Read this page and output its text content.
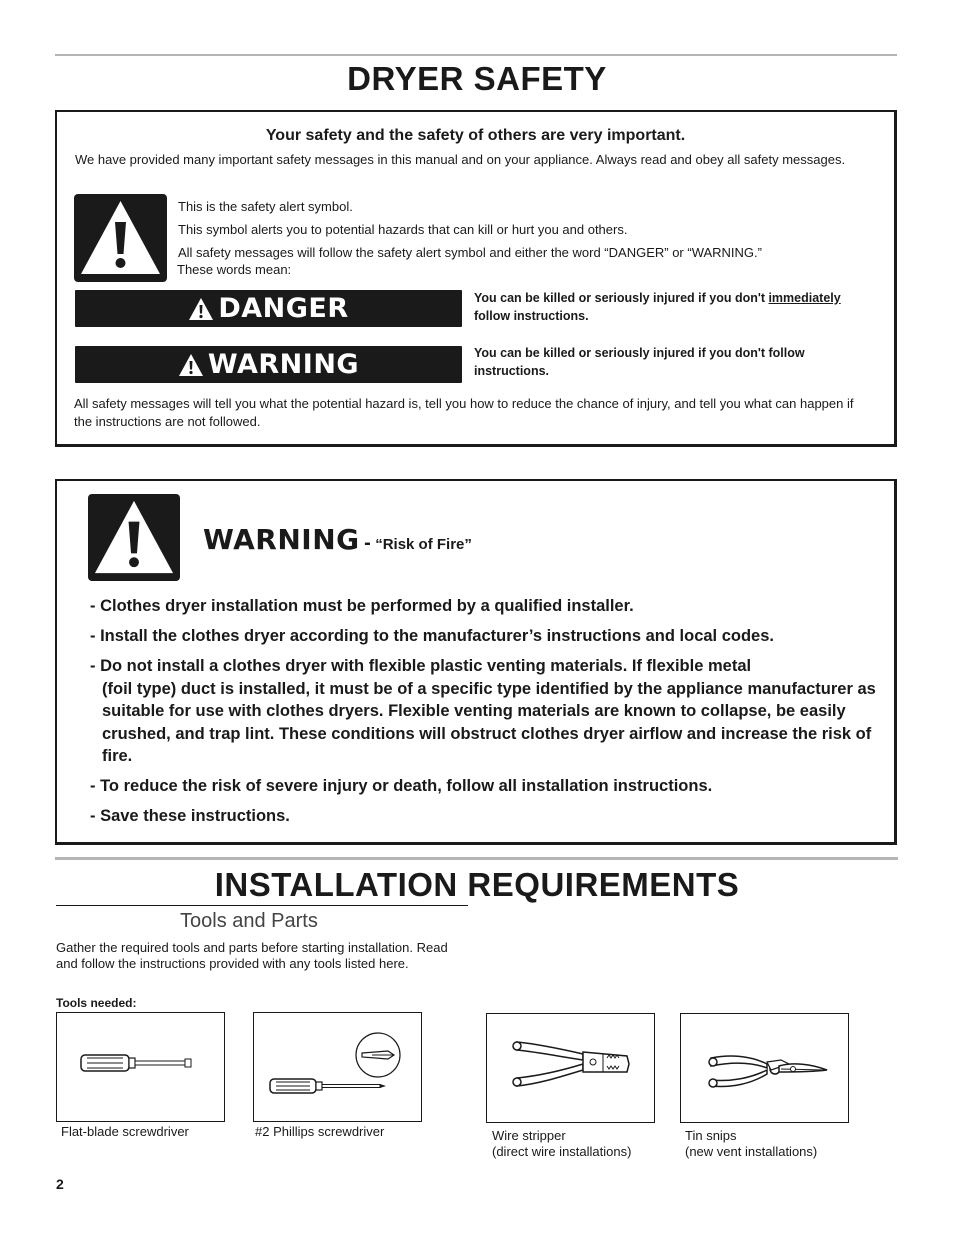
DRYER SAFETY
Your safety and the safety of others are very important.
We have provided many important safety messages in this manual and on your appliance. Always read and obey all safety messages.
This is the safety alert symbol.
This symbol alerts you to potential hazards that can kill or hurt you and others.
All safety messages will follow the safety alert symbol and either the word “DANGER” or “WARNING.”
These words mean:
DANGER	You can be killed or seriously injured if you don't immediately
follow instructions.
WARNING	You can be killed or seriously injured if you don't follow
instructions.
All safety messages will tell you what the potential hazard is, tell you how to reduce the chance of injury, and tell you what can happen if the instructions are not followed.
WARNING - “Risk of Fire”
- Clothes dryer installation must be performed by a qualified installer.
- Install the clothes dryer according to the manufacturer’s instructions and local codes.
- Do not install a clothes dryer with flexible plastic venting materials. If flexible metal
(foil type) duct is installed, it must be of a specific type identified by the appliance manufacturer as suitable for use with clothes dryers. Flexible venting materials are known to collapse, be easily crushed, and trap lint. These conditions will obstruct clothes dryer airflow and increase the risk of fire.
- To reduce the risk of severe injury or death, follow all installation instructions.
- Save these instructions.
INSTALLATION REQUIREMENTS
Tools and Parts
Gather the required tools and parts before starting installation. Read and follow the instructions provided with any tools listed here.
Tools needed:
Flat-blade screwdriver	#2 Phillips screwdriver	Wire stripper
(direct wire installations)
Tin snips
(new vent installations)
2
